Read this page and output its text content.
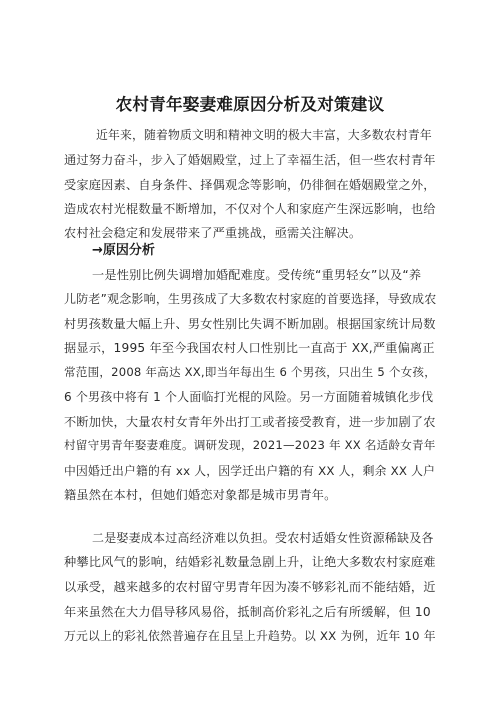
农村青年娶妻难原因分析及对策建议
近年来，随着物质文明和精神文明的极大丰富，大多数农村青年
通过努力奋斗，步入了婚姻殿堂，过上了幸福生活，但一些农村青年
受家庭因素、自身条件、择偶观念等影响，仍徘徊在婚姻殿堂之外，
造成农村光棍数量不断增加，不仅对个人和家庭产生深远影响，也给
农村社会稳定和发展带来了严重挑战，亟需关注解决。
→原因分析
一是性别比例失调增加婚配难度。受传统“重男轻女”以及“养
儿防老”观念影响，生男孩成了大多数农村家庭的首要选择，导致成农
村男孩数量大幅上升、男女性别比失调不断加剧。根据国家统计局数
据显示，1995 年至今我国农村人口性别比一直高于 XX,严重偏离正
常范围，2008 年高达 XX,即当年每出生 6 个男孩，只出生 5 个女孩，
6 个男孩中将有 1 个人面临打光棍的风险。另一方面随着城镇化步伐
不断加快，大量农村女青年外出打工或者接受教育，进一步加剧了农
村留守男青年娶妻难度。调研发现，2021—2023 年 XX 名适龄女青年
中因婚迁出户籍的有 xx 人，因学迁出户籍的有 XX 人，剩余 XX 人户
籍虽然在本村，但她们婚恋对象都是城市男青年。
二是娶妻成本过高经济难以负担。受农村适婚女性资源稀缺及各
种攀比风气的影响，结婚彩礼数量急剧上升，让绝大多数农村家庭难
以承受，越来越多的农村留守男青年因为凑不够彩礼而不能结婚，近
年来虽然在大力倡导移风易俗，抵制高价彩礼之后有所缓解，但 10
万元以上的彩礼依然普遍存在且呈上升趋势。以 XX 为例，近年 10 年
